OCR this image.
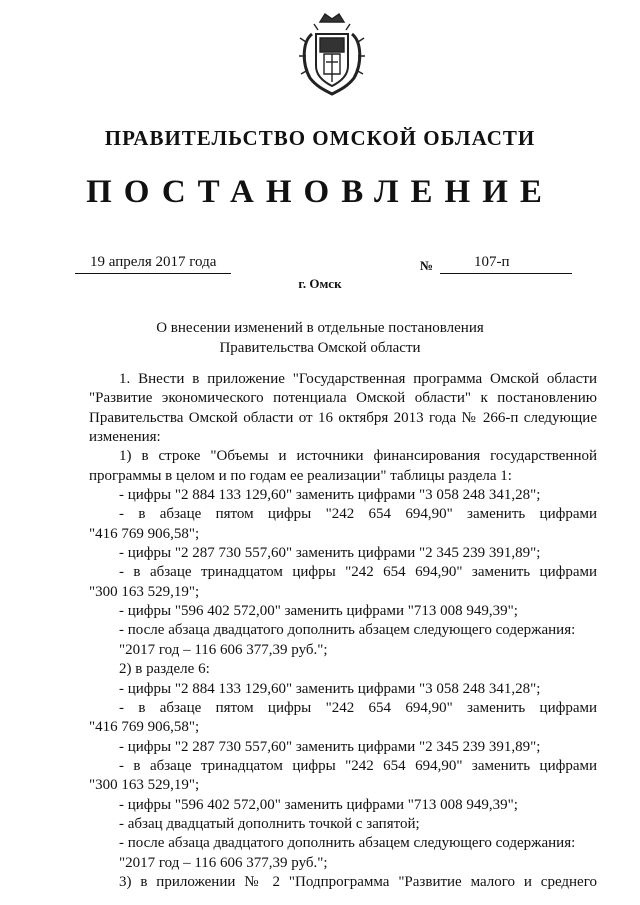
ПРАВИТЕЛЬСТВО ОМСКОЙ ОБЛАСТИ
ПОСТАНОВЛЕНИЕ
19 апреля 2017 года	№	107-п
г. Омск
О внесении изменений в отдельные постановления
Правительства Омской области
1. Внести в приложение "Государственная программа Омской области
"Развитие экономического потенциала Омской области" к постановлению
Правительства Омской области от 16 октября 2013 года № 266-п следующие
изменения:
1) в строке "Объемы и источники финансирования государственной
программы в целом и по годам ее реализации" таблицы раздела 1:
- цифры "2 884 133 129,60" заменить цифрами "3 058 248 341,28";
- в абзаце пятом цифры "242 654 694,90" заменить цифрами
"416 769 906,58";
- цифры "2 287 730 557,60" заменить цифрами "2 345 239 391,89";
- в абзаце тринадцатом цифры "242 654 694,90" заменить цифрами
"300 163 529,19";
- цифры "596 402 572,00" заменить цифрами "713 008 949,39";
- после абзаца двадцатого дополнить абзацем следующего содержания:
"2017 год – 116 606 377,39 руб.";
2) в разделе 6:
- цифры "2 884 133 129,60" заменить цифрами "3 058 248 341,28";
- в абзаце пятом цифры "242 654 694,90" заменить цифрами
"416 769 906,58";
- цифры "2 287 730 557,60" заменить цифрами "2 345 239 391,89";
- в абзаце тринадцатом цифры "242 654 694,90" заменить цифрами
"300 163 529,19";
- цифры "596 402 572,00" заменить цифрами "713 008 949,39";
- абзац двадцатый дополнить точкой с запятой;
- после абзаца двадцатого дополнить абзацем следующего содержания:
"2017 год – 116 606 377,39 руб.";
3) в приложении № 2 "Подпрограмма "Развитие малого и среднего
